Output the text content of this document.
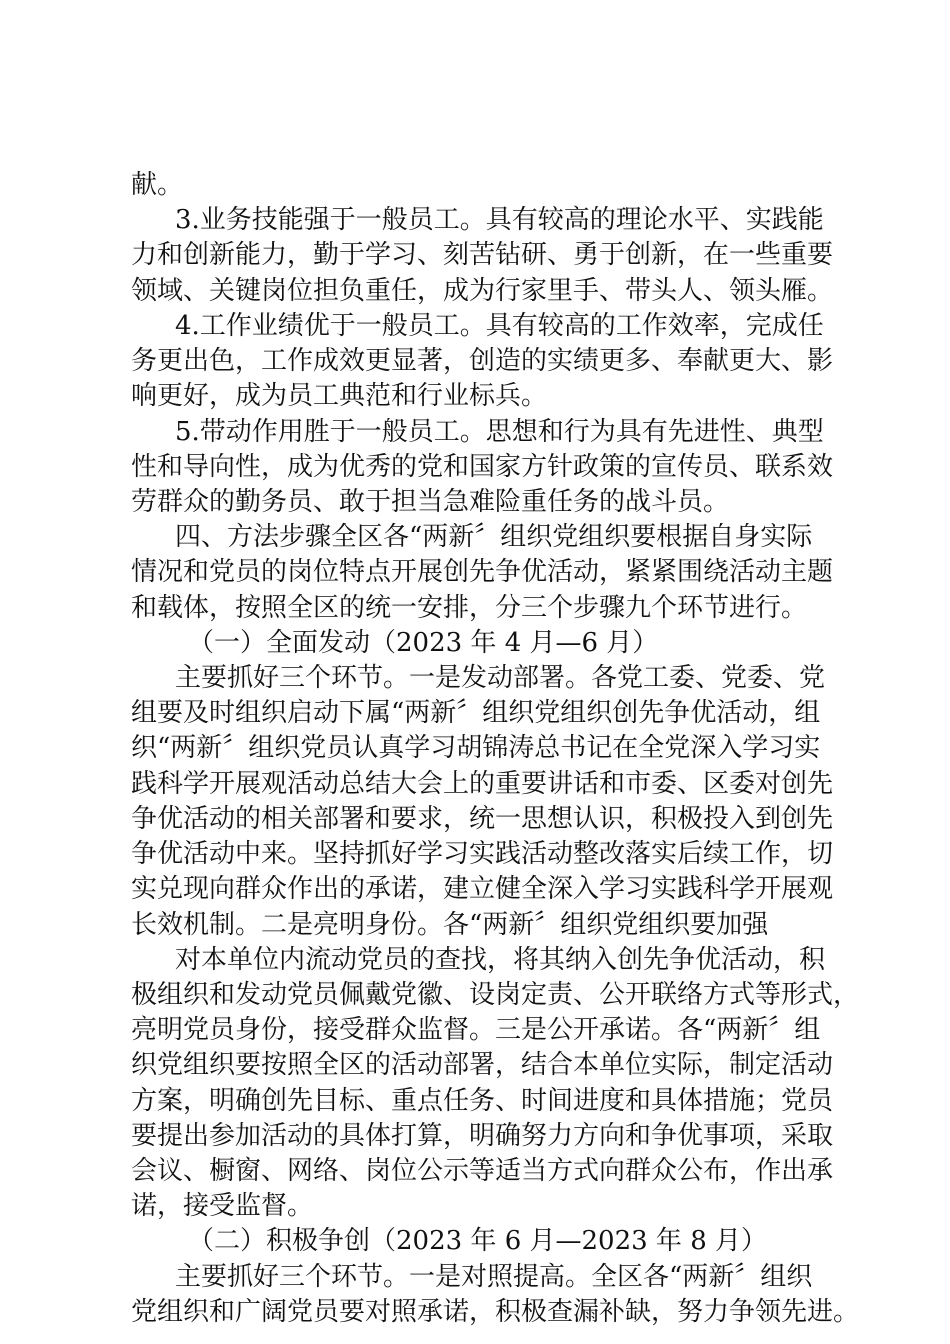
献。
3.业务技能强于一般员工。具有较高的理论水平、实践能
力和创新能力，勤于学习、刻苦钻研、勇于创新，在一些重要
领域、关键岗位担负重任，成为行家里手、带头人、领头雁。
4.工作业绩优于一般员工。具有较高的工作效率，完成任
务更出色，工作成效更显著，创造的实绩更多、奉献更大、影
响更好，成为员工典范和行业标兵。
5.带动作用胜于一般员工。思想和行为具有先进性、典型
性和导向性，成为优秀的党和国家方针政策的宣传员、联系效
劳群众的勤务员、敢于担当急难险重任务的战斗员。
四、方法步骤全区各“两新〞组织党组织要根据自身实际
情况和党员的岗位特点开展创先争优活动，紧紧围绕活动主题
和载体，按照全区的统一安排，分三个步骤九个环节进行。
（一）全面发动（2023 年 4 月—6 月）
主要抓好三个环节。一是发动部署。各党工委、党委、党
组要及时组织启动下属“两新〞组织党组织创先争优活动，组
织“两新〞组织党员认真学习胡锦涛总书记在全党深入学习实
践科学开展观活动总结大会上的重要讲话和市委、区委对创先
争优活动的相关部署和要求，统一思想认识，积极投入到创先
争优活动中来。坚持抓好学习实践活动整改落实后续工作，切
实兑现向群众作出的承诺，建立健全深入学习实践科学开展观
长效机制。二是亮明身份。各“两新〞组织党组织要加强
对本单位内流动党员的查找，将其纳入创先争优活动，积
极组织和发动党员佩戴党徽、设岗定责、公开联络方式等形式，
亮明党员身份，接受群众监督。三是公开承诺。各“两新〞组
织党组织要按照全区的活动部署，结合本单位实际，制定活动
方案，明确创先目标、重点任务、时间进度和具体措施；党员
要提出参加活动的具体打算，明确努力方向和争优事项，采取
会议、橱窗、网络、岗位公示等适当方式向群众公布，作出承
诺，接受监督。
（二）积极争创（2023 年 6 月—2023 年 8 月）
主要抓好三个环节。一是对照提高。全区各“两新〞组织
党组织和广阔党员要对照承诺，积极查漏补缺，努力争领先进。
